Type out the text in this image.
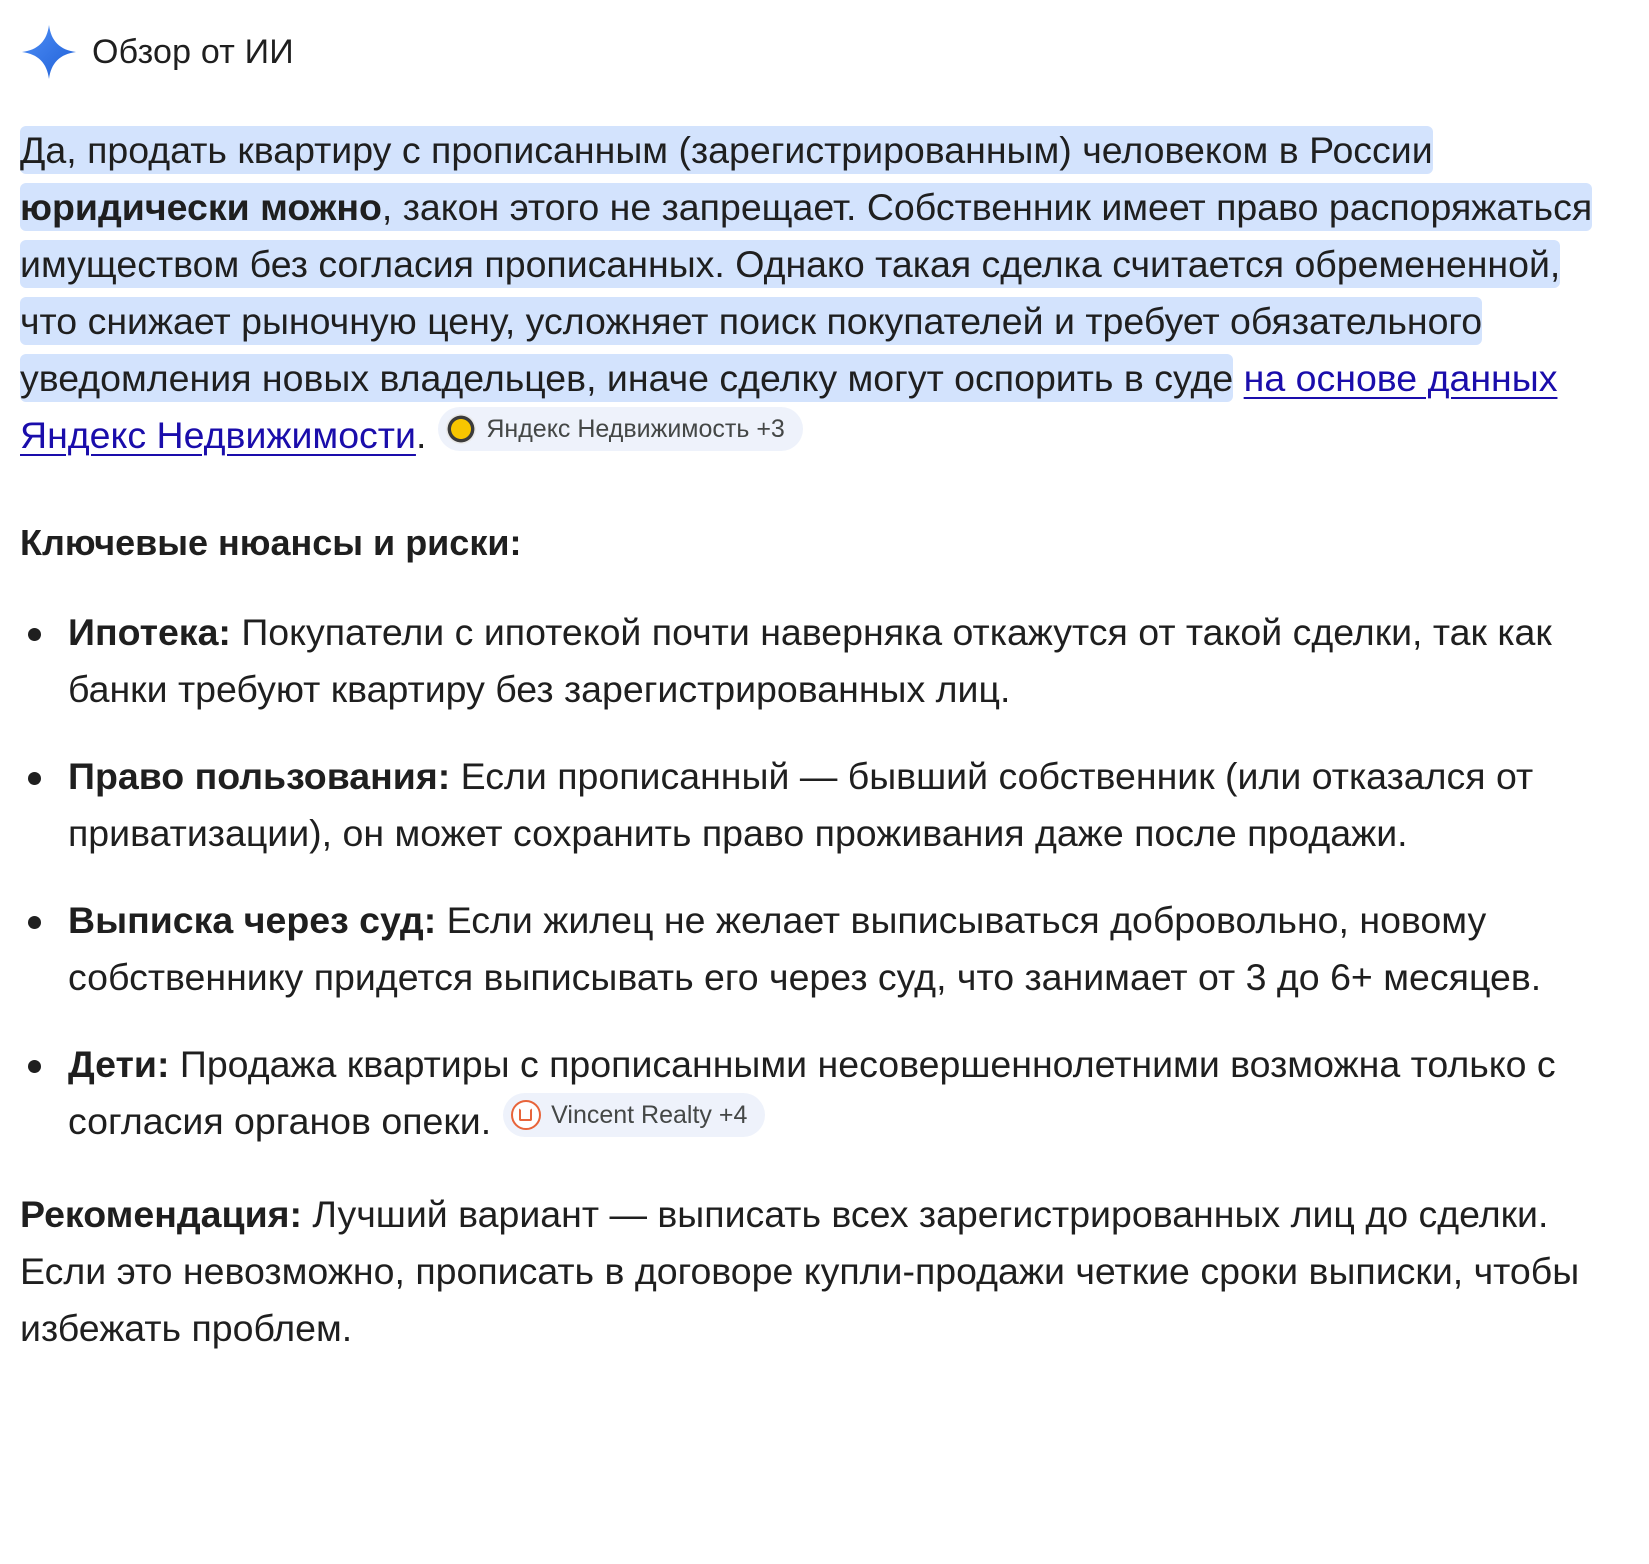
Обзор от ИИ
Да, продать квартиру с прописанным (зарегистрированным) человеком в России юридически можно, закон этого не запрещает. Собственник имеет право распоряжаться имуществом без согласия прописанных. Однако такая сделка считается обремененной, что снижает рыночную цену, усложняет поиск покупателей и требует обязательного уведомления новых владельцев, иначе сделку могут оспорить в суде на основе данных Яндекс Недвижимости. Яндекс Недвижимость +3
Ключевые нюансы и риски:
Ипотека: Покупатели с ипотекой почти наверняка откажутся от такой сделки, так как банки требуют квартиру без зарегистрированных лиц.
Право пользования: Если прописанный — бывший собственник (или отказался от приватизации), он может сохранить право проживания даже после продажи.
Выписка через суд: Если жилец не желает выписываться добровольно, новому собственнику придется выписывать его через суд, что занимает от 3 до 6+ месяцев.
Дети: Продажа квартиры с прописанными несовершеннолетними возможна только с согласия органов опеки. Vincent Realty +4
Рекомендация: Лучший вариант — выписать всех зарегистрированных лиц до сделки. Если это невозможно, прописать в договоре купли-продажи четкие сроки выписки, чтобы избежать проблем.
